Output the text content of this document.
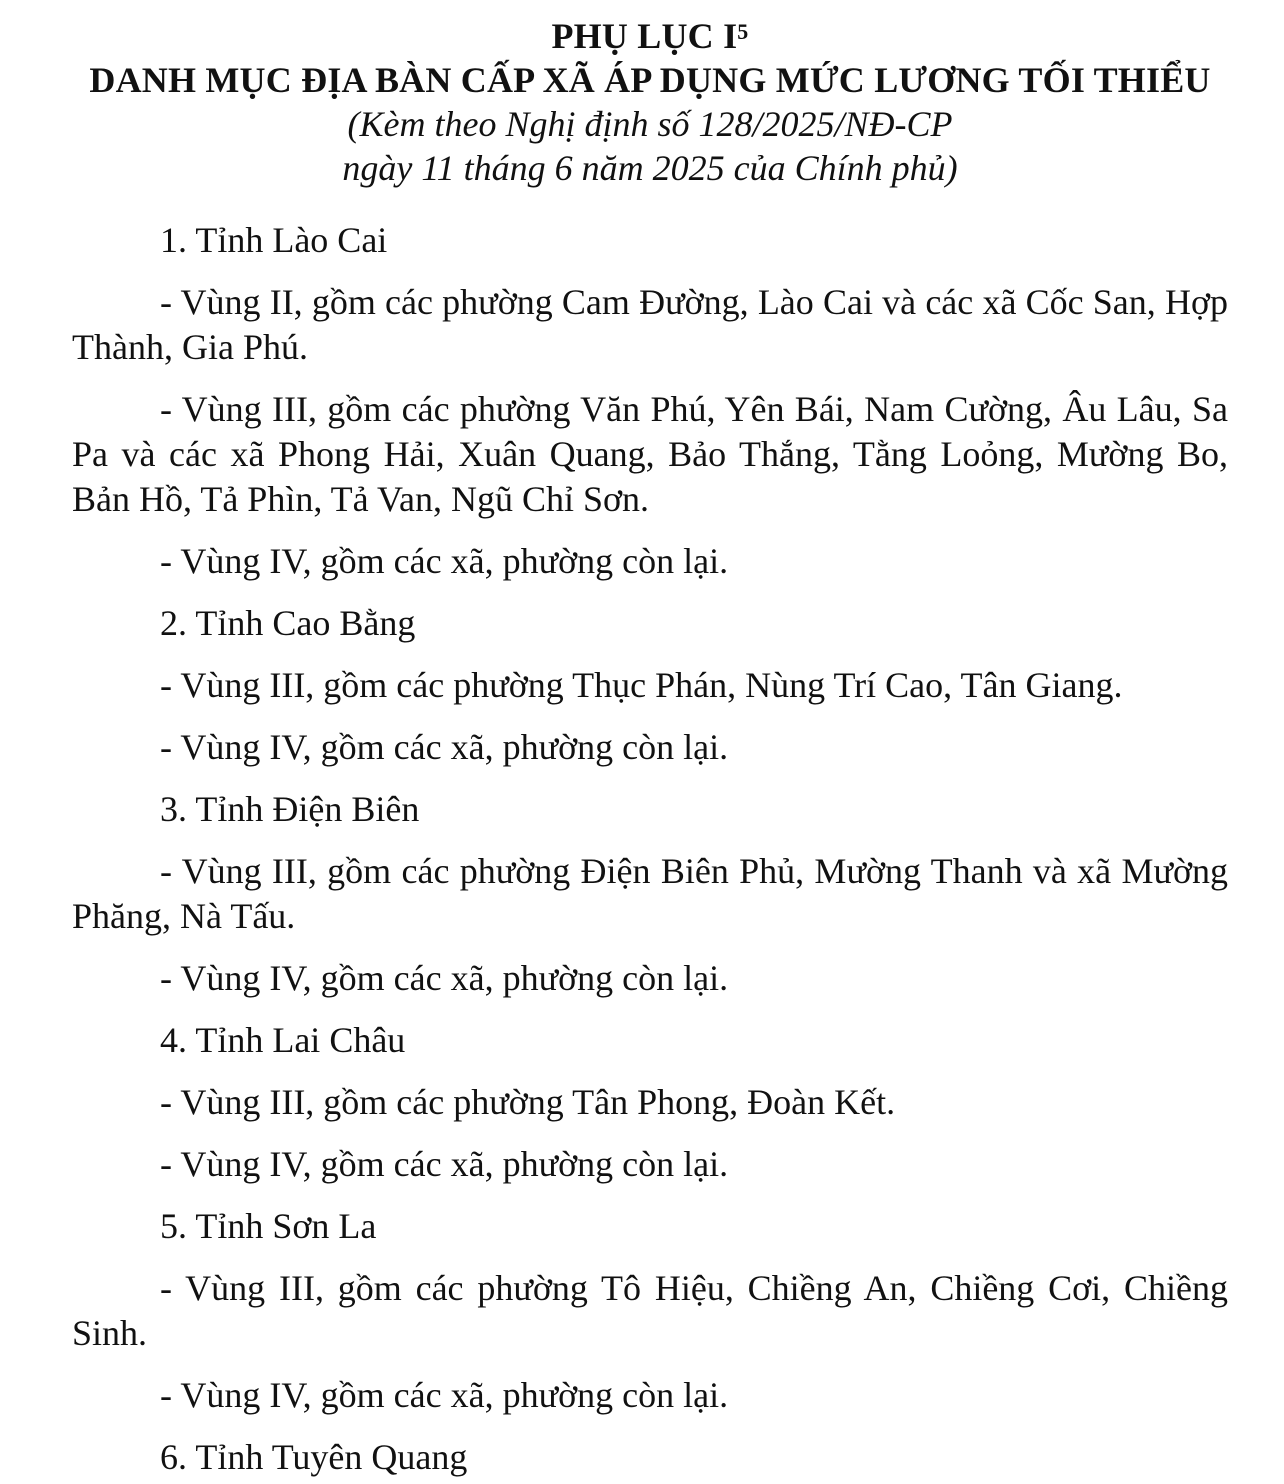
PHỤ LỤC $I^5$
DANH MỤC ĐỊA BÀN CẤP XÃ ÁP DỤNG MỨC LƯƠNG TỐI THIỂU
(Kèm theo Nghị định số 128/2025/NĐ-CP
ngày 11 tháng 6 năm 2025 của Chính phủ)

1. Tỉnh Lào Cai

- Vùng II, gồm các phường Cam Đường, Lào Cai và các xã Cốc San, Hợp Thành, Gia Phú.

- Vùng III, gồm các phường Văn Phú, Yên Bái, Nam Cường, Âu Lâu, Sa Pa và các xã Phong Hải, Xuân Quang, Bảo Thắng, Tằng Loỏng, Mường Bo, Bản Hồ, Tả Phìn, Tả Van, Ngũ Chỉ Sơn.

- Vùng IV, gồm các xã, phường còn lại.

2. Tỉnh Cao Bằng

- Vùng III, gồm các phường Thục Phán, Nùng Trí Cao, Tân Giang.

- Vùng IV, gồm các xã, phường còn lại.

3. Tỉnh Điện Biên

- Vùng III, gồm các phường Điện Biên Phủ, Mường Thanh và xã Mường Phăng, Nà Tấu.

- Vùng IV, gồm các xã, phường còn lại.

4. Tỉnh Lai Châu

- Vùng III, gồm các phường Tân Phong, Đoàn Kết.

- Vùng IV, gồm các xã, phường còn lại.

5. Tỉnh Sơn La

- Vùng III, gồm các phường Tô Hiệu, Chiềng An, Chiềng Cơi, Chiềng Sinh.

- Vùng IV, gồm các xã, phường còn lại.

6. Tỉnh Tuyên Quang
